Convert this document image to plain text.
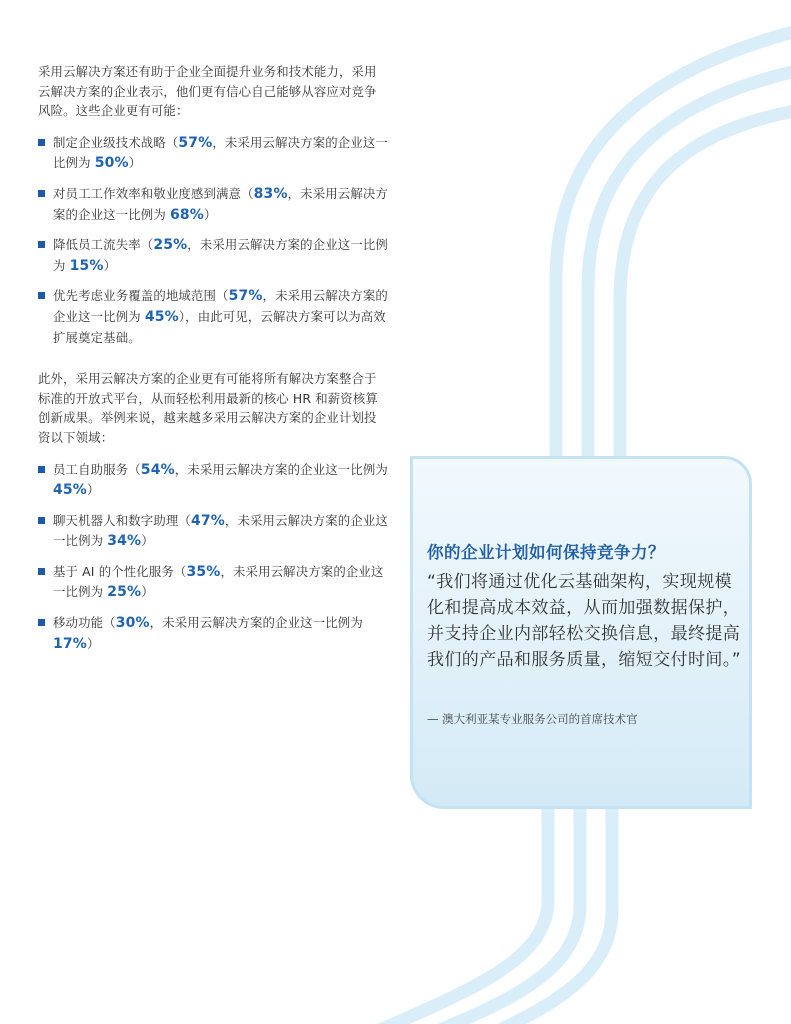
采用云解决方案还有助于企业全面提升业务和技术能力，采用云解决方案的企业表示，他们更有信心自己能够从容应对竞争风险。这些企业更有可能：

制定企业级技术战略（57%，未采用云解决方案的企业这一比例为 50%）
对员工工作效率和敬业度感到满意（83%，未采用云解决方案的企业这一比例为 68%）
降低员工流失率（25%，未采用云解决方案的企业这一比例为 15%）
优先考虑业务覆盖的地域范围（57%，未采用云解决方案的企业这一比例为 45%），由此可见，云解决方案可以为高效扩展奠定基础。

此外，采用云解决方案的企业更有可能将所有解决方案整合于标准的开放式平台，从而轻松利用最新的核心 HR 和薪资核算创新成果。举例来说，越来越多采用云解决方案的企业计划投资以下领域：

员工自助服务（54%，未采用云解决方案的企业这一比例为 45%）
聊天机器人和数字助理（47%，未采用云解决方案的企业这一比例为 34%）
基于 AI 的个性化服务（35%，未采用云解决方案的企业这一比例为 25%）
移动功能（30%，未采用云解决方案的企业这一比例为 17%）
你的企业计划如何保持竞争力？

“我们将通过优化云基础架构，实现规模化和提高成本效益，从而加强数据保护，并支持企业内部轻松交换信息，最终提高我们的产品和服务质量，缩短交付时间。”

— 澳大利亚某专业服务公司的首席技术官
